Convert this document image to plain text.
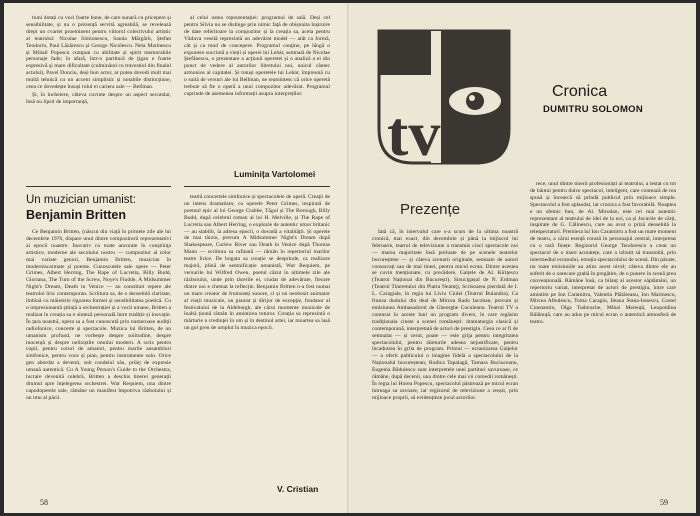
tiuni dotați cu voci foarte bune, de care sunară cu pricepere și sensibilitate, și nu o prezență servită agreabilă, se revelează drept un cvartet proeminent pentru viitorul colectivului artistic al teatrului: Nicolae Simionescu, Sanda Mărgărit, Ștefan Teodorin, Paul Lăzărescu și George Nicolescu. Neta Marinescu și Mihail Popescu cumpun cu abilitate și spirit memorabile personaje fade; în afară, într-o partitură de ţigan e foarte expresivă și mare dificultate (culminând cu travestiul din finalul actului), Pavel Donciu, deși bun actor, ar putea dovedi mult mai multă tehnică cu un accent simplistic și notabile distincţiune, ceea ce dovedește însuși rolul ei cariera sale — Bellman.

Și, în încheiere, câteva cuvinte despre un aspect secundar, însă nu lipsit de importanță,

al celui ostea reprezentației: programul de sală. Deși cel pentru Silvia nu se distinge prin nimic față de obișnuita înșiruire de date referitoare la compozitor și la creația sa, acela pentru Văduva veselă reprezintă un adevărat model — atât ca formă, cât și ca mod de concepere. Programul conţine, pe lângă o expunere succintă a vieții și operei lui Lehár, semnată de Nicolae Ştefănescu, o prezentare a acţiunii operetei și o analiză a ei din punct de vedere al autorilor libretului noi, unicul cântec armonios al capitalei. Și totuși operetele lui Lehár, împreună cu o suită de versuri ale lui Bellman, ne reamintesc că orice operetă trebuie să fie o operă a unui compozitor adevărat. Programul cuprinde de asemenea informații asupra interpreților.

Luminița Vartolomei
Un muzician umanist:
Benjamin Britten

Ce Benjamin Britten, (născut din viață în primele zile ale lui decembrie 1976, dispare unul dintre compozitorii reprezentativi ai epocii noastre. Inovativ cu toate ancorate în conștiinţa artistice, moderne ale secolului nostru — compozitor al celor mai variate genuri, Benjamin Britten, muzician în moderniscarmate și poeme. Cunoscutele sale opere — Peter Grimes, Albert Herring, The Rape of Lucretia, Billy Budd, Gloriana, The Turn of the Screw, Noye's Fludde, A Midsummer Night's Dream, Death in Venice — au constituit repere ale teatrului liric contemporan. Scriitura sa, de o deosebită claritate, îmbină cu măiestrie rigoarea formei și sensibilitatea poetică. Cu o impresionantă știință a orchestrației și a vocii umane, Britten a realizat în creația sa o sinteză personală între tradiție și inovație. În țara noastră, opera sa a fost cunoscută prin numeroase audiții radiofonice, concerte și spectacole. Muzica lui Britten, de un umanism profund, ne vorbește despre solitudine, despre inocență și despre neliniștile omului modern. A scris pentru copii, pentru coruri de amatori, pentru marile ansambluri simfonice, pentru voce și pian, pentru instrumente solo. Orice gen abordat a devenit, sub condeiul său, prilej de expresie umană autentică. Cu A Young Person's Guide to the Orchestra, lucrare devenită celebră, Britten a deschis tinerei generații drumul spre înțelegerea orchestrei. War Requiem, una dintre capodoperele sale, rămâne un manifest împotriva războiului și un imn al păcii.

teatră concertele simfonice și spectacolele de operă. Creații de un intens dramatism, cu operele Peter Grimes, inspirată de poemul epic al lui George Crabbe, Tăgul și The Borough, Billy Budd, după celebrul roman al lui H. Melville, și The Rape of Lucretia sau Albert Herring, o explozie de autentic umor britanic — au stabilit, la adresa epocii, o dovadă a vitalității. Și operele de mai târziu, precum A Midsummer Night's Dream după Shakespeare, Curlew River sau Death in Venice după Thomas Mann — scriitura sa rafinată — rămân în repertoriul marilor teatre lirice. De bogata sa creație se desprinde, ca realizare majoră, plină de semnificație umanistă, War Requiem, pe versurile lui Wilfred Owen, poetul căzut în ultimele zile ale războiului, unde prin tăcerile ei, ciudat de adevărate, fiecare dintre noi e chemat la reflecție. Benjamin Britten n-a fost numai un mare creator de frumuseți sonore, ci și un neobosit animator al vieții muzicale, un pianist și dirijor de excepție, fondator al festivalului de la Aldeburgh, ale cărui momente muzicale de înaltă ținută rămân în amintirea tuturor. Creația sa reprezintă o mărturie a credinței în om și în destinul artei, iar moartea sa lasă un gol greu de umplut în muzica epocii.

V. Cristian
58
tv
Cronica
DUMITRU SOLOMON
Prezențe

Iată că, în intervalul care s-a scurs de la ultima noastră cronică, mai exact, din decembrie și până la mijlocul lui februarie, teatrul de televiziune a transmis cinci spectacole noi — marea majoritate însă preluate de pe scenele teatrelor bucureștene — și câteva scenarii originale, semnate de autori consacrați sau de mai tineri, pentru micul ecran. Dintre acestea se cuvin menționate, cu precădere, Gaițele de Al. Kirițescu (Teatrul Național din București), Sinucigașul de N. Erdman (Teatrul Tineretului din Piatra Neamț), Scrisoarea pierdută de I. L. Caragiale, în regia lui Liviu Ciulei (Teatrul Bulandra), Ca frunza dudului din deal de Mircea Radu Iacoban, precum și emisiunea Ambasadorul de Gheorghe Cuculeanu. Teatrul TV a conturat în aceste luni un program divers, în care regăsim tradiționala cinste a scenei românești: dramaturgia clasică și contemporană, interpretată de actori de prestigiu. Ceea ce ar fi de semnalat — și cerut, poate — este grija pentru integritatea spectacolului, pentru tăieturile adesea nejustificate, pentru încadrarea în grila de program. Primul — ecranizarea Gaițelor — a oferit publicului o imagine fidelă a spectacolului de la Naționalul bucureștean; Rodica Tapalagă, Tamara Buciuceanu, Eugenia Bădulescu sunt interpretele unei partituri savuroase, ce rămâne, după decenii, una dintre cele mai vii comedii românești. În regia lui Horea Popescu, spectacolul păstrează pe micul ecran întreaga sa savoare, iar regizorul de televiziune a reușit, prin mijloace proprii, să evidențieze jocul actorilor.

rece, unul dintre tinerii profesioniști ai teatrului, a testat cu tot de băutui pentru dulce spectacol, inteligent, care contează de rea spusă și încearcă să prindă publicul prin mijloace simple. Spectacolul a fost aplaudat, iar cronica a fost favorabilă. Noaptea e un sfetnic bun, de Al. Mirodan, este cel mai autentic reprezentant al teatrului de idei de la noi, ca și Jocurile de cărți, inspirate de G. Călinescu, care au avut o priză deosebită la telespectatori. Premiera lui Ion Caramitru a fost un mare moment de teatru, a cărui esență constă în personajul central, interpretat cu o rară finețe. Regizorul George Teodorescu a creat un spectacol de o mare acuratețe, care a izbutit să transmită, prin intermediul ecranului, emoția spectacolului de scenă. Din păcate, nu toate emisiunile au atins acest nivel; câteva dintre ele au suferit de o oarecare grabă în pregătire, de o punere în scenă prea convențională. Rămâne însă, ca bilanț al acestor săptămâni, un repertoriu variat, interpretat de actori de prestigiu, între care amintim pe Ion Caramitru, Valentin Plătăreanu, Ion Marinescu, Mircea Albulescu, Toma Caragiu, Ileana Stana-Ionescu, Costel Constantin, Olga Tudorache, Mihai Mereuță, Leopoldina Bălănuță, care au adus pe micul ecran o autentică atmosferă de teatru.

59
